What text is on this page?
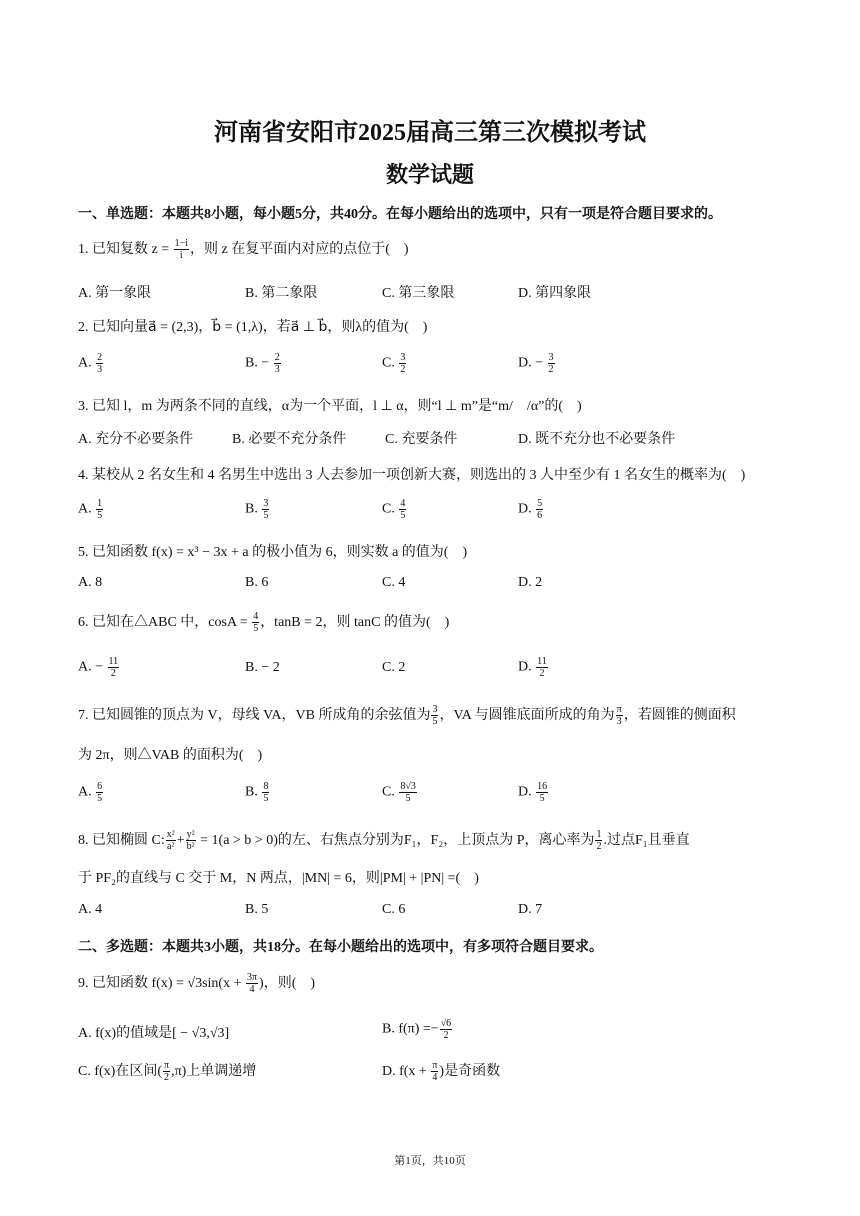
河南省安阳市2025届高三第三次模拟考试
数学试题
一、单选题：本题共8小题，每小题5分，共40分。在每小题给出的选项中，只有一项是符合题目要求的。
1. 已知复数 $z = \frac{1-i}{i}$ ，则 z 在复平面内对应的点位于(　)
A. 第一象限	B. 第二象限	C. 第三象限	D. 第四象限
2. 已知向量a⃗ = (2,3)，b⃗ = (1,λ)，若a⃗ ⊥ b⃗，则λ的值为(　)
A. $\frac{2}{3}$	B. − $\frac{2}{3}$	C. $\frac{3}{2}$	D. − $\frac{3}{2}$
3. 已知 l，m 为两条不同的直线，α为一个平面，l ⊥ α，则“l ⊥ m”是“m/　/α”的(　)
A. 充分不必要条件	B. 必要不充分条件	C. 充要条件	D. 既不充分也不必要条件
4. 某校从 2 名女生和 4 名男生中选出 3 人去参加一项创新大赛，则选出的 3 人中至少有 1 名女生的概率为(　)
A. $\frac{1}{5}$	B. $\frac{3}{5}$	C. $\frac{4}{5}$	D. $\frac{5}{6}$
5. 已知函数 f(x) = x³ − 3x + a 的极小值为 6，则实数 a 的值为(　)
A. 8	B. 6	C. 4	D. 2
6. 已知在△ABC 中，$\cos A = \frac{4}{5}$ ，tanB = 2，则 tanC 的值为(　)
A. − $\frac{11}{2}$	B. − 2	C. 2	D. $\frac{11}{2}$
7. 已知圆锥的顶点为 V，母线 VA，VB 所成角的余弦值为 $\frac{3}{5}$ ，VA 与圆锥底面所成的角为 $\frac{\pi}{3}$ ，若圆锥的侧面积
为 2π，则△VAB 的面积为(　)
A. $\frac{6}{5}$	B. $\frac{8}{5}$	C. $\frac{8√3}{5}$	D. $\frac{16}{5}$
8. 已知椭圆 C: $\frac{\text{x²}}{\text{a²}} + \frac{\text{y²}}{\text{b²}} = 1(a > b > 0)$的左、右焦点分别为F₁，F₂，上顶点为 P，离心率为 $\frac{1}{2}$ .过点F₁且垂直
于 PF₂的直线与 C 交于 M，N 两点，|MN| = 6，则|PM| + |PN| =(　)
A. 4	B. 5	C. 6	D. 7
二、多选题：本题共3小题，共18分。在每小题给出的选项中，有多项符合题目要求。
9. 已知函数 $f(x) = √3\sin(x + \frac{3\pi}{4}$ )，则(　)
A. f(x)的值域是[ − √3,√3]	B. $f(\pi) =- \frac{√6}{2}$
C. f(x)在区间( $\frac{\pi}{2} ,\pi$)上单调递增	D. $f(x + \frac{\pi}{4}$ )是奇函数
第1页，共10页
